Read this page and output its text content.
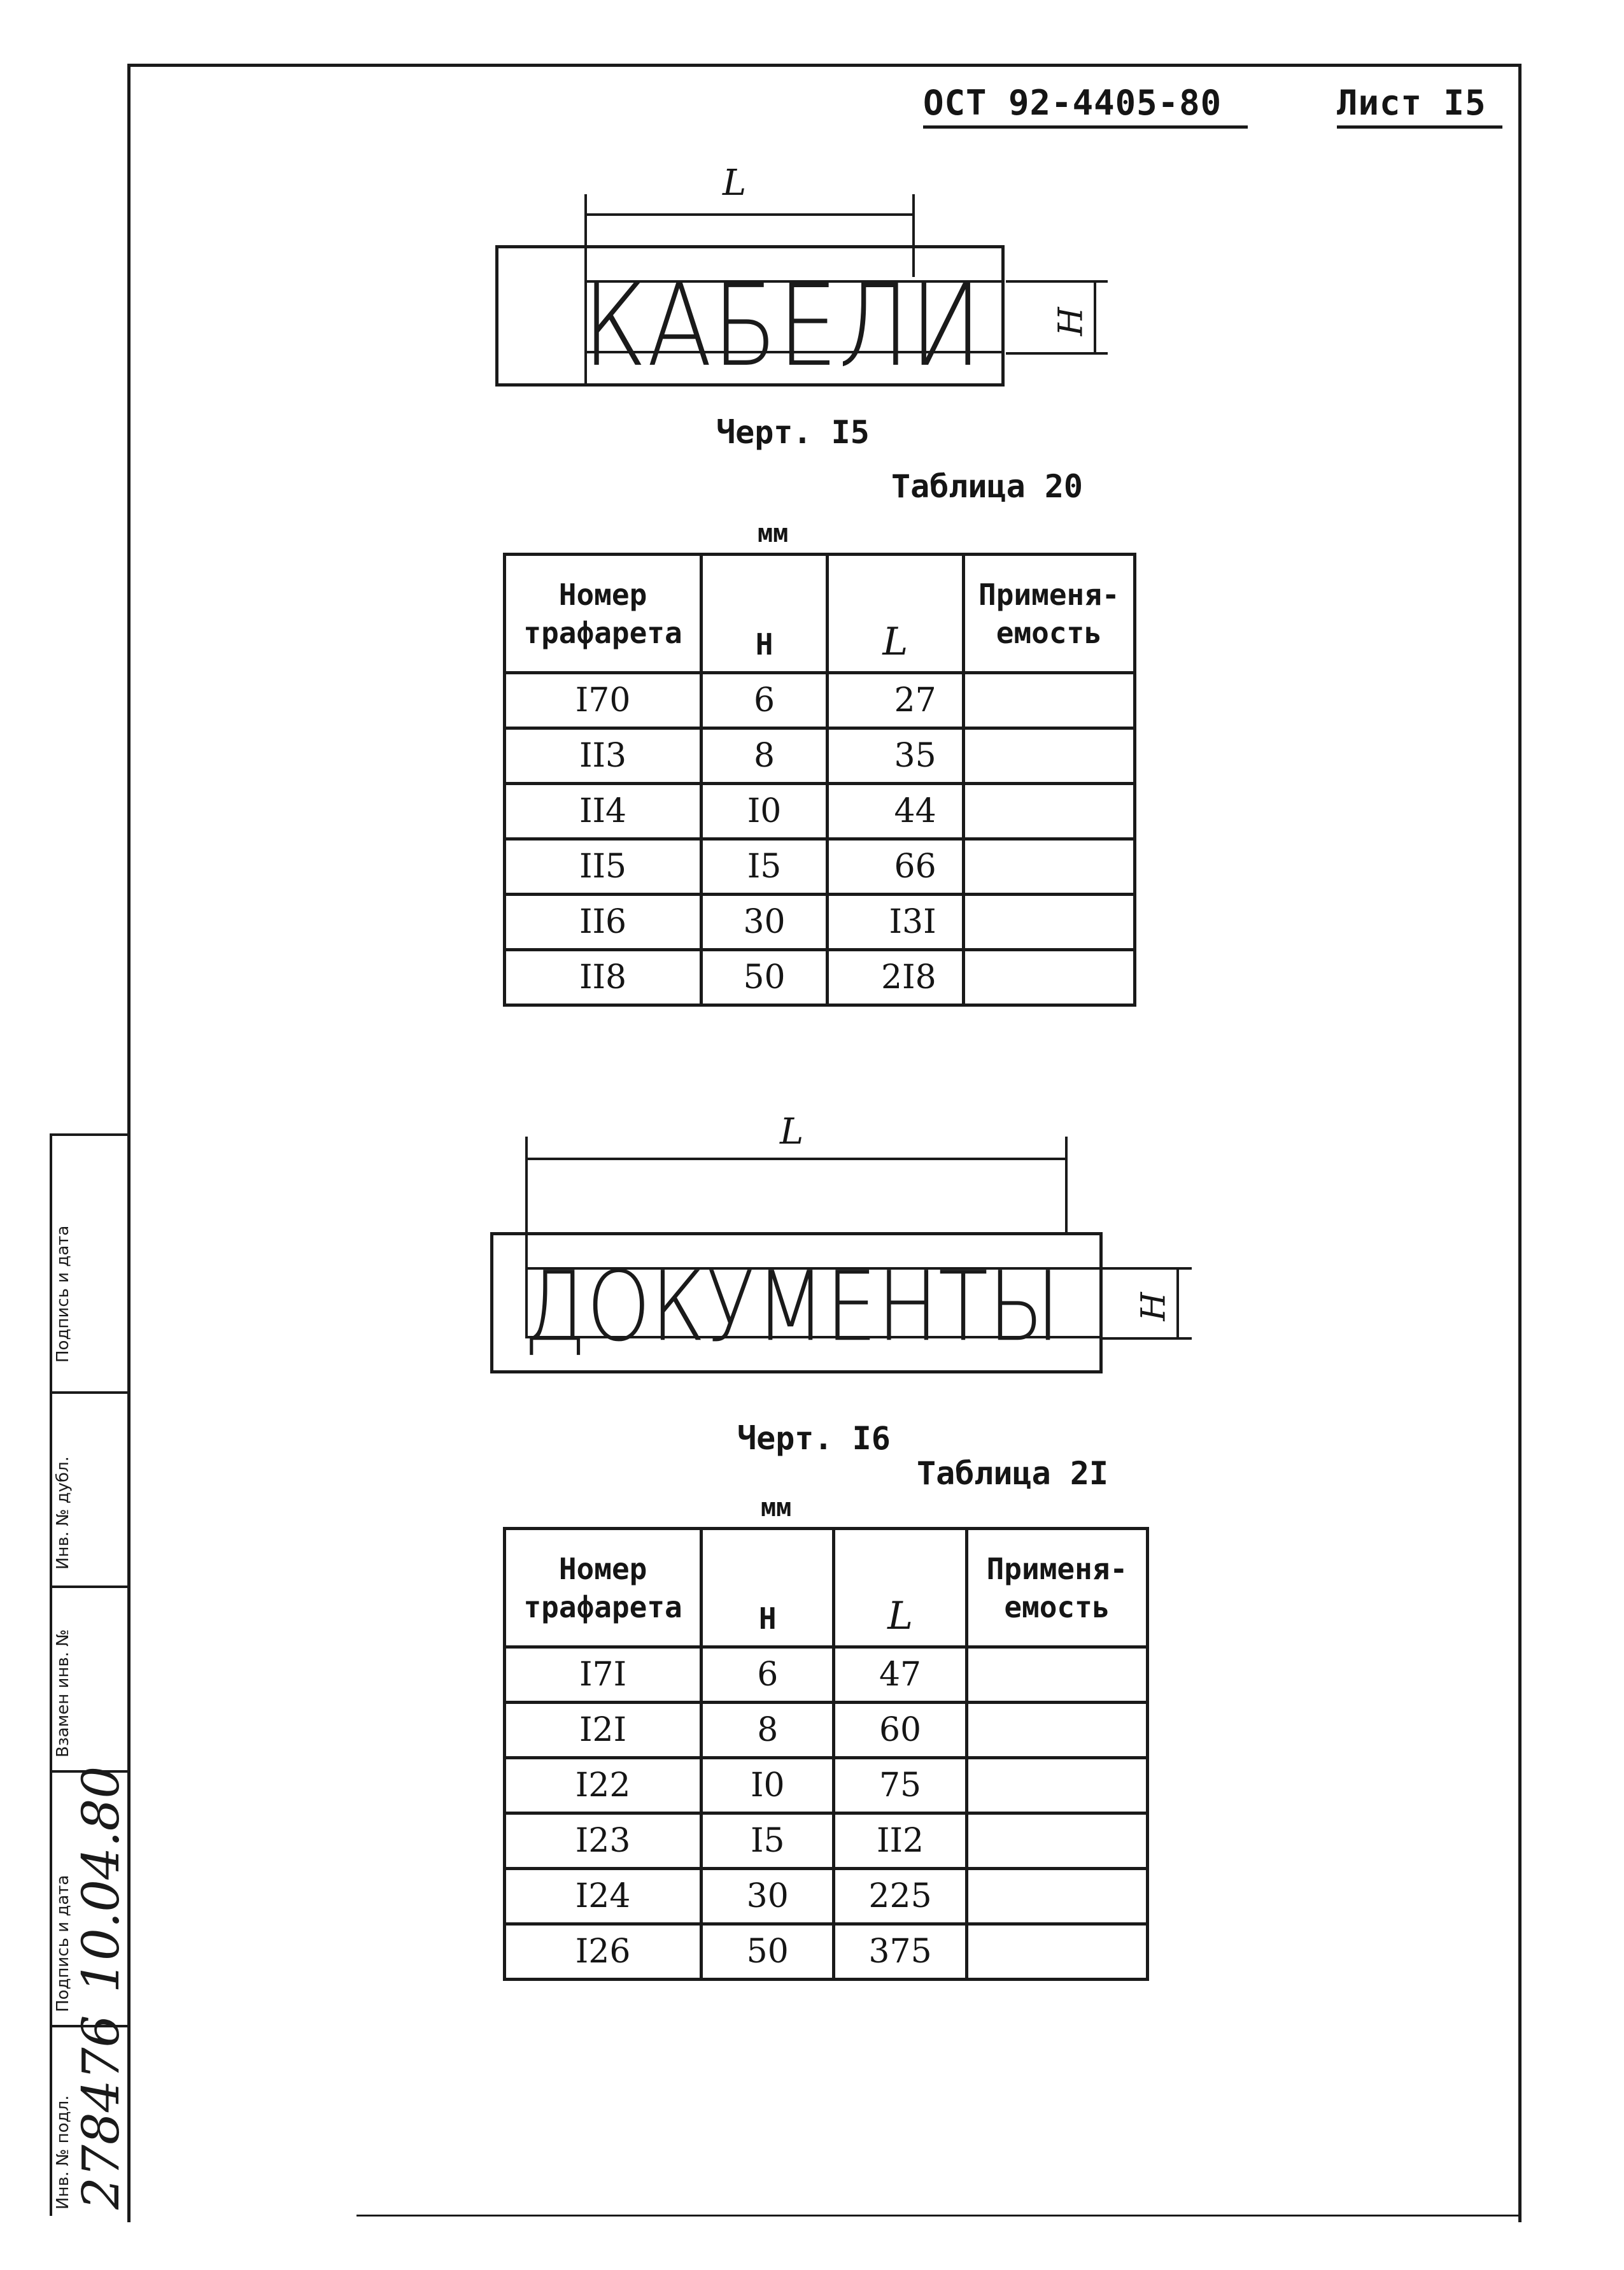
ОСТ 92-4405-80	Лист I5
L
КАБЕЛИ H
Черт. I5
Таблица 20
мм
Номер
трафарета	H	L	Применя-
емость
I70	6	27	
II3	8	35	
II4	I0	44	
II5	I5	66	
II6	30	I3I	
II8	50	2I8	
L
ДОКУМЕНТЫ H
Черт. I6
Таблица 2I
мм
Номер
трафарета	H	L	Применя-
емость
I7I	6	47	
I2I	8	60	
I22	I0	75	
I23	I5	II2	
I24	30	225	
I26	50	375	
Подпись и дата
Инв. № дубл.
Взамен инв. №
Подпись и дата
Инв. № подл.
10.04.80
278476
